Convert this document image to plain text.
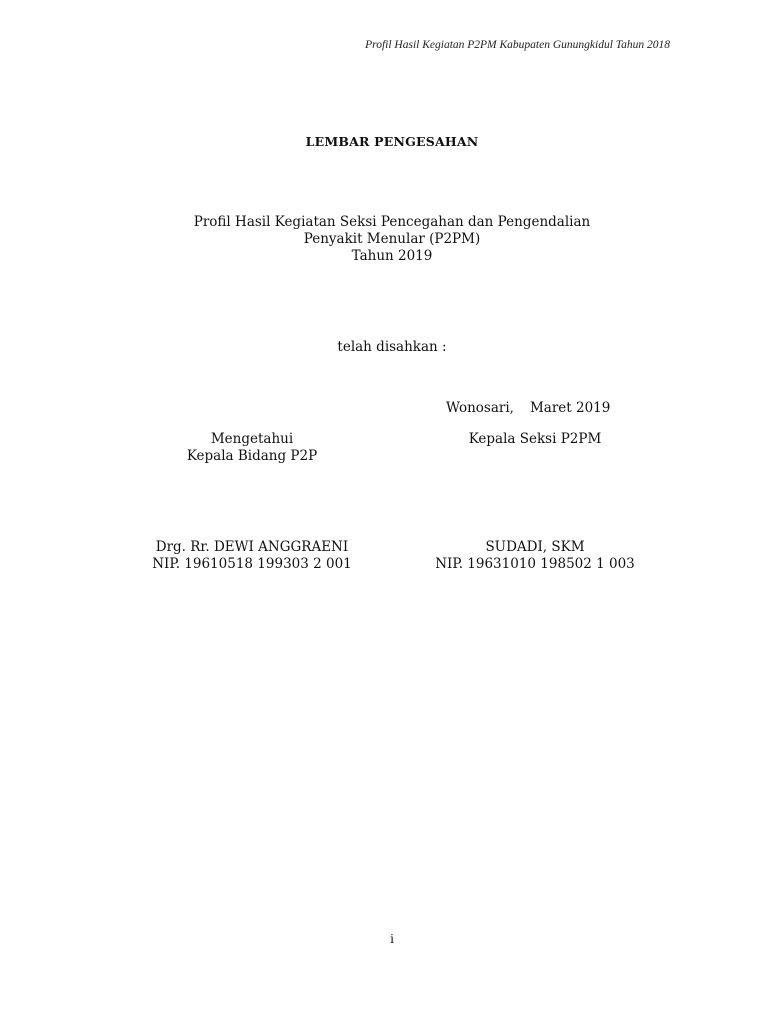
Profil Hasil Kegiatan P2PM Kabupaten Gunungkidul Tahun 2018
LEMBAR PENGESAHAN
Profil Hasil Kegiatan Seksi Pencegahan dan Pengendalian
Penyakit Menular (P2PM)
Tahun 2019
telah disahkan :
Wonosari, Maret 2019
Mengetahui
Kepala Bidang P2P
Kepala Seksi P2PM
Drg. Rr. DEWI ANGGRAENI
NIP. 19610518 199303 2 001
SUDADI, SKM
NIP. 19631010 198502 1 003
i
